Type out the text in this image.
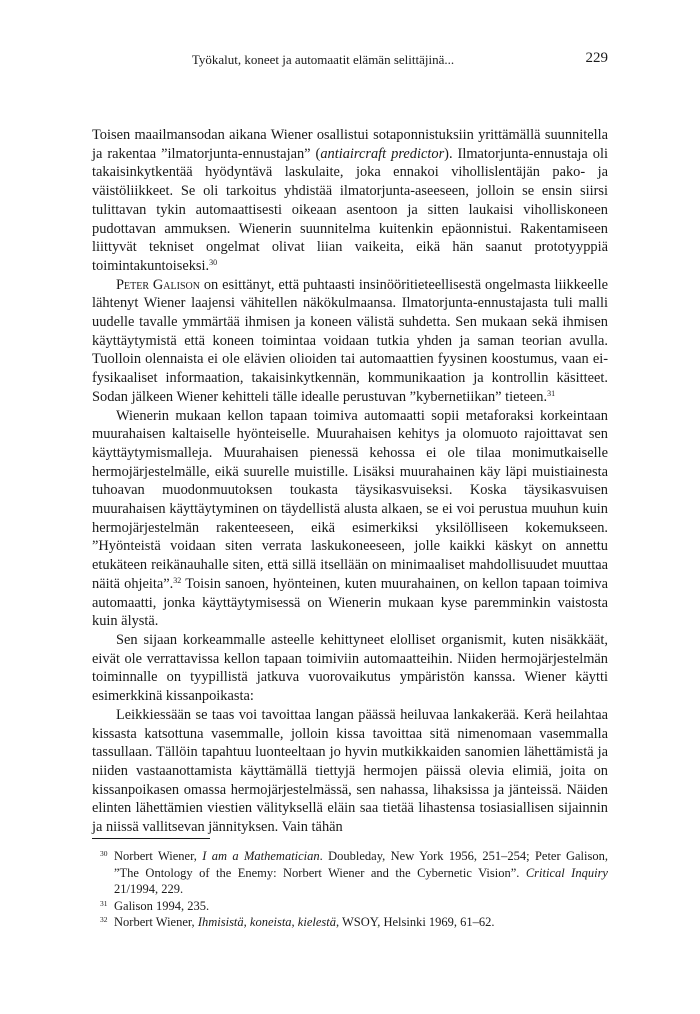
Työkalut, koneet ja automaatit elämän selittäjinä...	229

Toisen maailmansodan aikana Wiener osallistui sotaponnistuksiin yrittämällä suunnitella ja rakentaa ”ilmatorjunta-ennustajan” (antiaircraft predictor). Ilmatorjunta-ennustaja oli takaisinkytkentää hyödyntävä laskulaite, joka ennakoi vihollislentäjän pako- ja väistöliikkeet. Se oli tarkoitus yhdistää ilmatorjunta-aseeseen, jolloin se ensin siirsi tulittavan tykin automaattisesti oikeaan asentoon ja sitten laukaisi viholliskoneen pudottavan ammuksen. Wienerin suunnitelma kuitenkin epäonnistui. Rakentamiseen liittyvät tekniset ongelmat olivat liian vaikeita, eikä hän saanut prototyyppiä toimintakuntoiseksi.$^{30}$

Peter Galison on esittänyt, että puhtaasti insinööritieteellisestä ongelmasta liikkeelle lähtenyt Wiener laajensi vähitellen näkökulmaansa. Ilmatorjunta-ennustajasta tuli malli uudelle tavalle ymmärtää ihmisen ja koneen välistä suhdetta. Sen mukaan sekä ihmisen käyttäytymistä että koneen toimintaa voidaan tutkia yhden ja saman teorian avulla. Tuolloin olennaista ei ole elävien olioiden tai automaattien fyysinen koostumus, vaan ei-fysikaaliset informaation, takaisinkytkennän, kommunikaation ja kontrollin käsitteet. Sodan jälkeen Wiener kehitteli tälle idealle perustuvan ”kybernetiikan” tieteen.$^{31}$

Wienerin mukaan kellon tapaan toimiva automaatti sopii metaforaksi korkeintaan muurahaisen kaltaiselle hyönteiselle. Muurahaisen kehitys ja olomuoto rajoittavat sen käyttäytymismalleja. Muurahaisen pienessä kehossa ei ole tilaa monimutkaiselle hermojärjestelmälle, eikä suurelle muistille. Lisäksi muurahainen käy läpi muistiainesta tuhoavan muodonmuutoksen toukasta täysikasvuiseksi. Koska täysikasvuisen muurahaisen käyttäytyminen on täydellistä alusta alkaen, se ei voi perustua muuhun kuin hermojärjestelmän rakenteeseen, eikä esimerkiksi yksilölliseen kokemukseen. ”Hyönteistä voidaan siten verrata laskukoneeseen, jolle kaikki käskyt on annettu etukäteen reikänauhalle siten, että sillä itsellään on minimaaliset mahdollisuudet muuttaa näitä ohjeita”.$^{32}$ Toisin sanoen, hyönteinen, kuten muurahainen, on kellon tapaan toimiva automaatti, jonka käyttäytymisessä on Wienerin mukaan kyse paremminkin vaistosta kuin älystä.

Sen sijaan korkeammalle asteelle kehittyneet elolliset organismit, kuten nisäkkäät, eivät ole verrattavissa kellon tapaan toimiviin automaatteihin. Niiden hermojärjestelmän toiminnalle on tyypillistä jatkuva vuorovaikutus ympäristön kanssa. Wiener käytti esimerkkinä kissanpoikasta:

Leikkiessään se taas voi tavoittaa langan päässä heiluvaa lankakerää. Kerä heilahtaa kissasta katsottuna vasemmalle, jolloin kissa tavoittaa sitä nimenomaan vasemmalla tassullaan. Tällöin tapahtuu luonteeltaan jo hyvin mutkikkaiden sanomien lähettämistä ja niiden vastaanottamista käyttämällä tiettyjä hermojen päissä olevia elimiä, joita on kissanpoikasen omassa hermojärjestelmässä, sen nahassa, lihaksissa ja jänteissä. Näiden elinten lähettämien viestien välityksellä eläin saa tietää lihastensa tosiasiallisen sijainnin ja niissä vallitsevan jännityksen. Vain tähän

30 Norbert Wiener, I am a Mathematician. Doubleday, New York 1956, 251–254; Peter Galison, ”The Ontology of the Enemy: Norbert Wiener and the Cybernetic Vision”. Critical Inquiry 21/1994, 229.
31 Galison 1994, 235.
32 Norbert Wiener, Ihmisistä, koneista, kielestä, WSOY, Helsinki 1969, 61–62.
